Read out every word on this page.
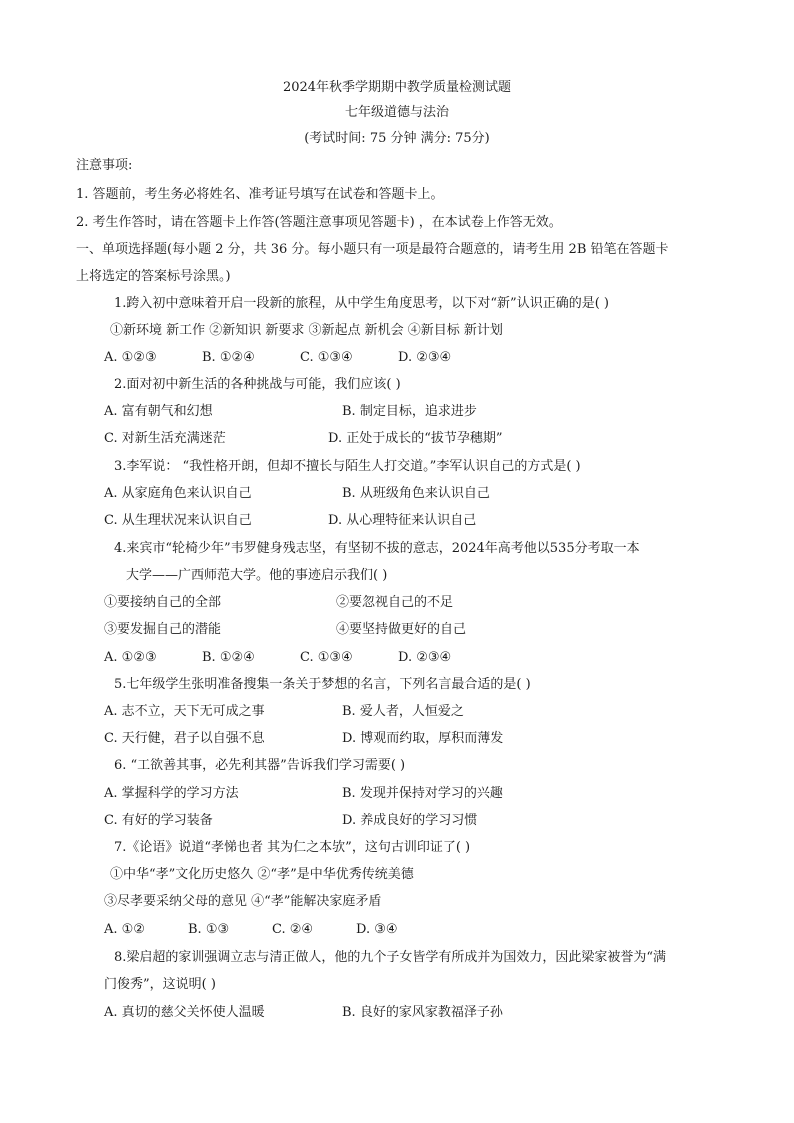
2024年秋季学期期中教学质量检测试题
七年级道德与法治
(考试时间: 75 分钟 满分: 75分)
注意事项:
1. 答题前，考生务必将姓名、准考证号填写在试卷和答题卡上。
2. 考生作答时，请在答题卡上作答(答题注意事项见答题卡) ，在本试卷上作答无效。
一、单项选择题(每小题 2 分，共 36 分。每小题只有一项是最符合题意的，请考生用 2B 铅笔在答题卡
上将选定的答案标号涂黑。)
1.跨入初中意味着开启一段新的旅程，从中学生角度思考，以下对“新”认识正确的是( )
①新环境 新工作 ②新知识 新要求 ③新起点 新机会 ④新目标 新计划
A. ①②③	B. ①②④	C. ①③④	D. ②③④
2.面对初中新生活的各种挑战与可能，我们应该( )
A. 富有朝气和幻想	B. 制定目标，追求进步
C. 对新生活充满迷茫	D. 正处于成长的“拔节孕穗期”
3.李军说： “我性格开朗，但却不擅长与陌生人打交道。”李军认识自己的方式是( )
A. 从家庭角色来认识自己	B. 从班级角色来认识自己
C. 从生理状况来认识自己	D. 从心理特征来认识自己
4.来宾市“轮椅少年”韦罗健身残志坚，有坚韧不拔的意志，2024年高考他以535分考取一本
大学——广西师范大学。他的事迹启示我们( )
①要接纳自己的全部	②要忽视自己的不足
③要发掘自己的潜能	④要坚持做更好的自己
A. ①②③	B. ①②④	C. ①③④	D. ②③④
5.七年级学生张明准备搜集一条关于梦想的名言，下列名言最合适的是( )
A. 志不立，天下无可成之事	B. 爱人者，人恒爱之
C. 天行健，君子以自强不息	D. 博观而约取，厚积而薄发
6. “工欲善其事，必先利其器”告诉我们学习需要( )
A. 掌握科学的学习方法	B. 发现并保持对学习的兴趣
C. 有好的学习装备	D. 养成良好的学习习惯
7.《论语》说道“孝悌也者 其为仁之本欤”，这句古训印证了( )
①中华“孝”文化历史悠久 ②“孝”是中华优秀传统美德
③尽孝要采纳父母的意见 ④“孝”能解决家庭矛盾
A. ①②	B. ①③	C. ②④	D. ③④
8.梁启超的家训强调立志与清正做人，他的九个子女皆学有所成并为国效力，因此梁家被誉为“满
门俊秀”，这说明( )
A. 真切的慈父关怀使人温暖	B. 良好的家风家教福泽子孙
